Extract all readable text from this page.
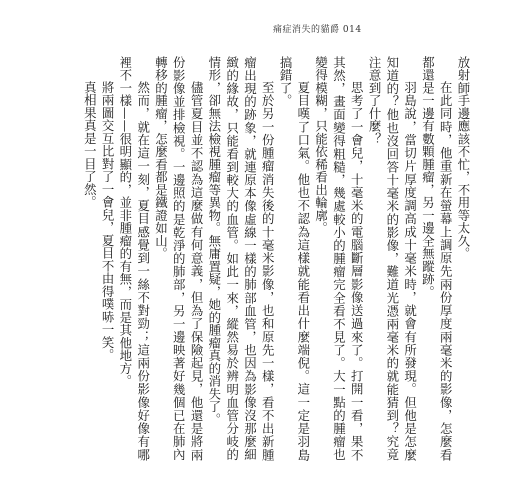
痛症消失的貓爵 014

放射師手邊應該不忙，不用等太久。

在此同時，他重新在螢幕上調原先兩份厚度兩毫米的影像，怎麼看都還是一邊有數顆腫瘤，另一邊全無蹤跡。

羽島說，當切片厚度調高成十毫米時，就會有所發現。但他是怎麼知道的？他也沒回答十毫米的影像，難道光憑兩毫米的就能猜到？究竟注意到了什麼？

思考了一會兒，十毫米的電腦斷層影像送過來了。打開一看，果不其然，畫面變得粗糙，幾處較小的腫瘤完全看不見了。大一點的腫瘤也變得模糊，只能依稀看出輪廓。

夏目嘆了口氣。他也不認為這樣就能看出什麼端倪。這一定是羽島搞錯了。

至於另一份腫瘤消失後的十毫米影像，也和原先一樣，看不出新腫瘤出現的跡象，就連原本像虛線一樣的肺部血管，也因為影像沒那麼細緻的緣故，只能看到較大的血管。如此一來，縱然易於辨明血管分岐的情形，卻無法檢視腫瘤等異物。無庸置疑，她的腫瘤真的消失了。

儘管夏目並不認為這麼做有何意義，但為了保險起見，他還是將兩份影像並排檢視。一邊照的是乾淨的肺部，另一邊映著好幾個已在肺內轉移的腫瘤，怎麼看都是鐵證如山。

然而，就在這一刻，夏目感覺到一絲不對勁；這兩份影像好像有哪裡不一樣——很明顯的，並非腫瘤的有無，而是其他地方。

將兩圖交互比對了一會兒，夏目不由得噗哧一笑。

真相果真是一目了然。
